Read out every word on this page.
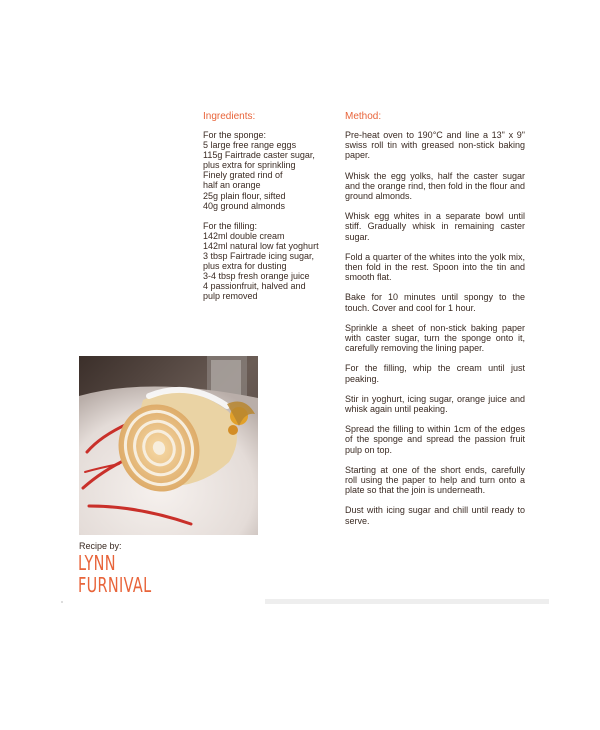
Ingredients:
For the sponge:
5 large free range eggs
115g Fairtrade caster sugar,
plus extra for sprinkling
Finely grated rind of
half an orange
25g plain flour, sifted
40g ground almonds
For the filling:
142ml double cream
142ml natural low fat yoghurt
3 tbsp Fairtrade icing sugar,
plus extra for dusting
3-4 tbsp fresh orange juice
4 passionfruit, halved and
pulp removed
Method:

Pre-heat oven to 190°C and line a 13" x 9" swiss roll tin with greased non-stick baking paper.

Whisk the egg yolks, half the caster sugar and the orange rind, then fold in the flour and ground almonds.

Whisk egg whites in a separate bowl until stiff. Gradually whisk in remaining caster sugar.

Fold a quarter of the whites into the yolk mix, then fold in the rest. Spoon into the tin and smooth flat.

Bake for 10 minutes until spongy to the touch. Cover and cool for 1 hour.

Sprinkle a sheet of non-stick baking paper with caster sugar, turn the sponge onto it, carefully removing the lining paper.

For the filling, whip the cream until just peaking.

Stir in yoghurt, icing sugar, orange juice and whisk again until peaking.

Spread the filling to within 1cm of the edges of the sponge and spread the passion fruit pulp on top.

Starting at one of the short ends, carefully roll using the paper to help and turn onto a plate so that the join is underneath.

Dust with icing sugar and chill until ready to serve.

Recipe by:
LYNN
FURNIVAL
